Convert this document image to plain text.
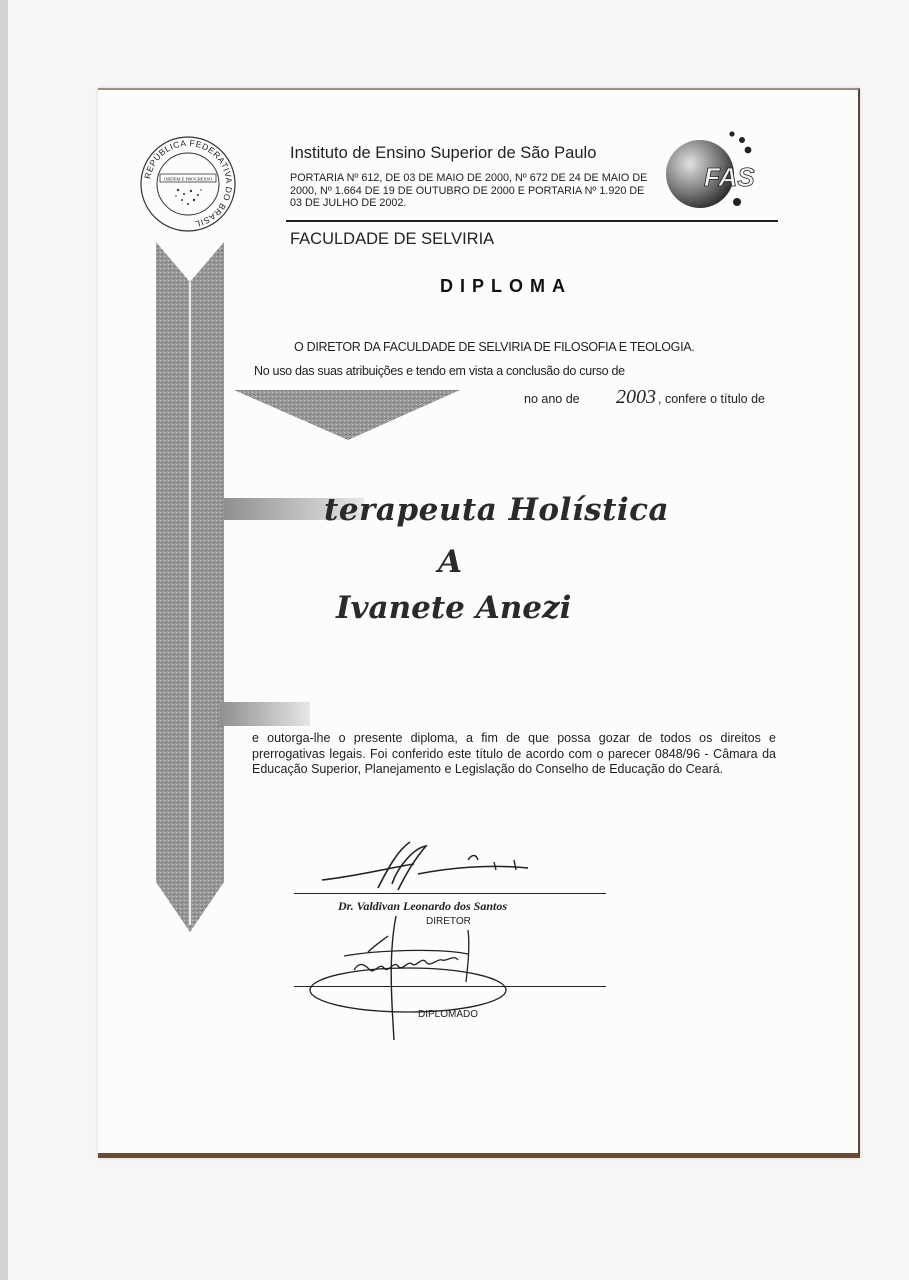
REPÚBLICA FEDERATIVA DO BRASIL
ORDEM E PROGRESSO
Instituto de Ensino Superior de São Paulo
PORTARIA Nº 612, DE 03 DE MAIO DE 2000, Nº 672 DE 24 DE MAIO DE 2000, Nº 1.664 DE 19 DE OUTUBRO DE 2000 E PORTARIA Nº 1.920 DE 03 DE JULHO DE 2002.
FAS
FACULDADE DE SELVIRIA
DIPLOMA
O DIRETOR DA FACULDADE DE SELVIRIA DE FILOSOFIA E TEOLOGIA.
No uso das suas atribuições e tendo em vista a conclusão do curso de
no ano de 2003 , confere o título de
terapeuta Holística
A
Ivanete Anezi
e outorga-lhe o presente diploma, a fim de que possa gozar de todos os direitos e prerrogativas legais. Foi conferido este título de acordo com o parecer 0848/96 - Câmara da Educação Superior, Planejamento e Legislação do Conselho de Educação do Ceará.
Dr. Valdivan Leonardo dos Santos
DIRETOR
DIPLOMADO
